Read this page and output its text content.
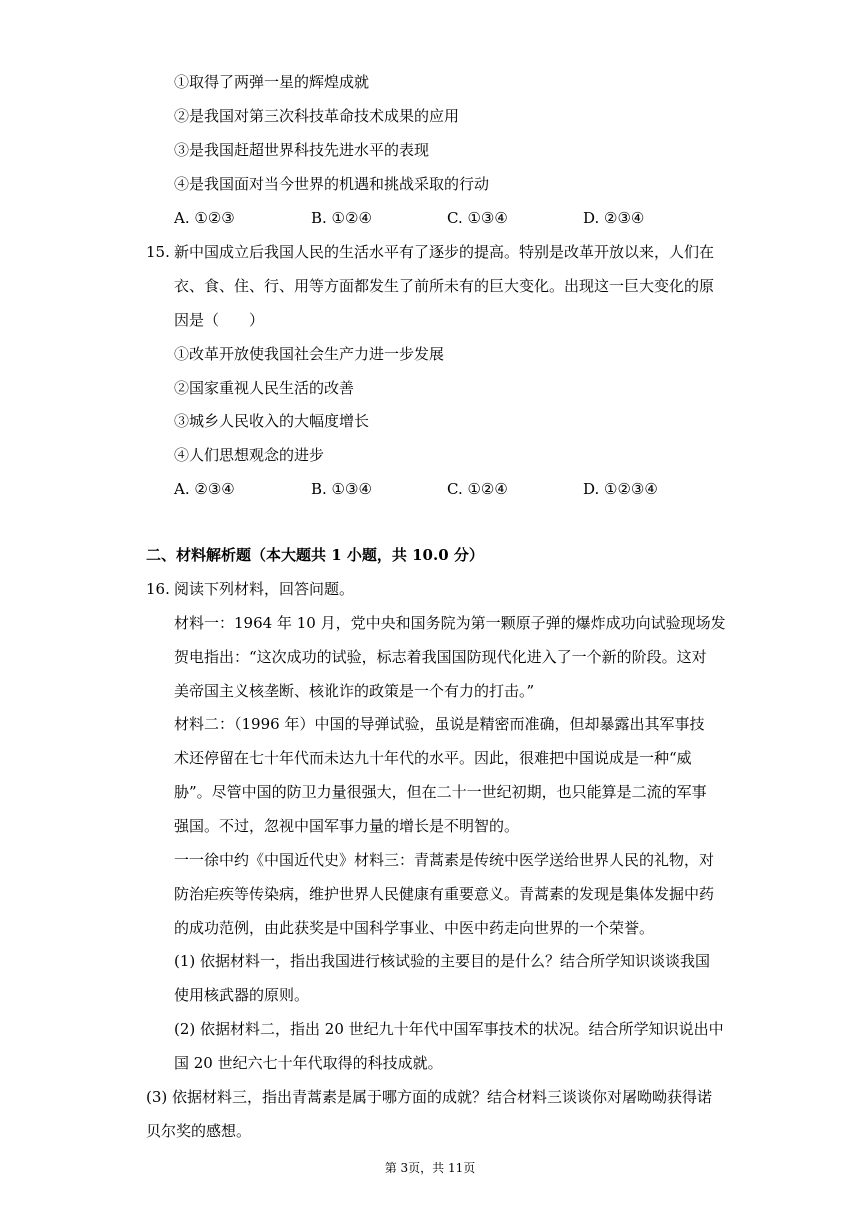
①取得了两弹一星的辉煌成就
②是我国对第三次科技革命技术成果的应用
③是我国赶超世界科技先进水平的表现
④是我国面对当今世界的机遇和挑战采取的行动
A. ①②③	B. ①②④	C. ①③④	D. ②③④
15. 新中国成立后我国人民的生活水平有了逐步的提高。特别是改革开放以来，人们在
衣、食、住、行、用等方面都发生了前所未有的巨大变化。出现这一巨大变化的原
因是（　　）
①改革开放使我国社会生产力进一步发展
②国家重视人民生活的改善
③城乡人民收入的大幅度增长
④人们思想观念的进步
A. ②③④	B. ①③④	C. ①②④	D. ①②③④
二、材料解析题（本大题共 1 小题，共 10.0 分）
16. 阅读下列材料，回答问题。
材料一：1964 年 10 月，党中央和国务院为第一颗原子弹的爆炸成功向试验现场发
贺电指出：“这次成功的试验，标志着我国国防现代化进入了一个新的阶段。这对
美帝国主义核垄断、核讹诈的政策是一个有力的打击。”
材料二：（1996 年）中国的导弹试验，虽说是精密而准确，但却暴露出其军事技
术还停留在七十年代而未达九十年代的水平。因此，很难把中国说成是一种“威
胁”。尽管中国的防卫力量很强大，但在二十一世纪初期，也只能算是二流的军事
强国。不过，忽视中国军事力量的增长是不明智的。
一一徐中约《中国近代史》材料三：青蒿素是传统中医学送给世界人民的礼物，对
防治疟疾等传染病，维护世界人民健康有重要意义。青蒿素的发现是集体发掘中药
的成功范例，由此获奖是中国科学事业、中医中药走向世界的一个荣誉。
(1) 依据材料一，指出我国进行核试验的主要目的是什么？结合所学知识谈谈我国
使用核武器的原则。
(2) 依据材料二，指出 20 世纪九十年代中国军事技术的状况。结合所学知识说出中
国 20 世纪六七十年代取得的科技成就。
(3) 依据材料三，指出青蒿素是属于哪方面的成就？结合材料三谈谈你对屠呦呦获得诺
贝尔奖的感想。
第 3页，共 11页
